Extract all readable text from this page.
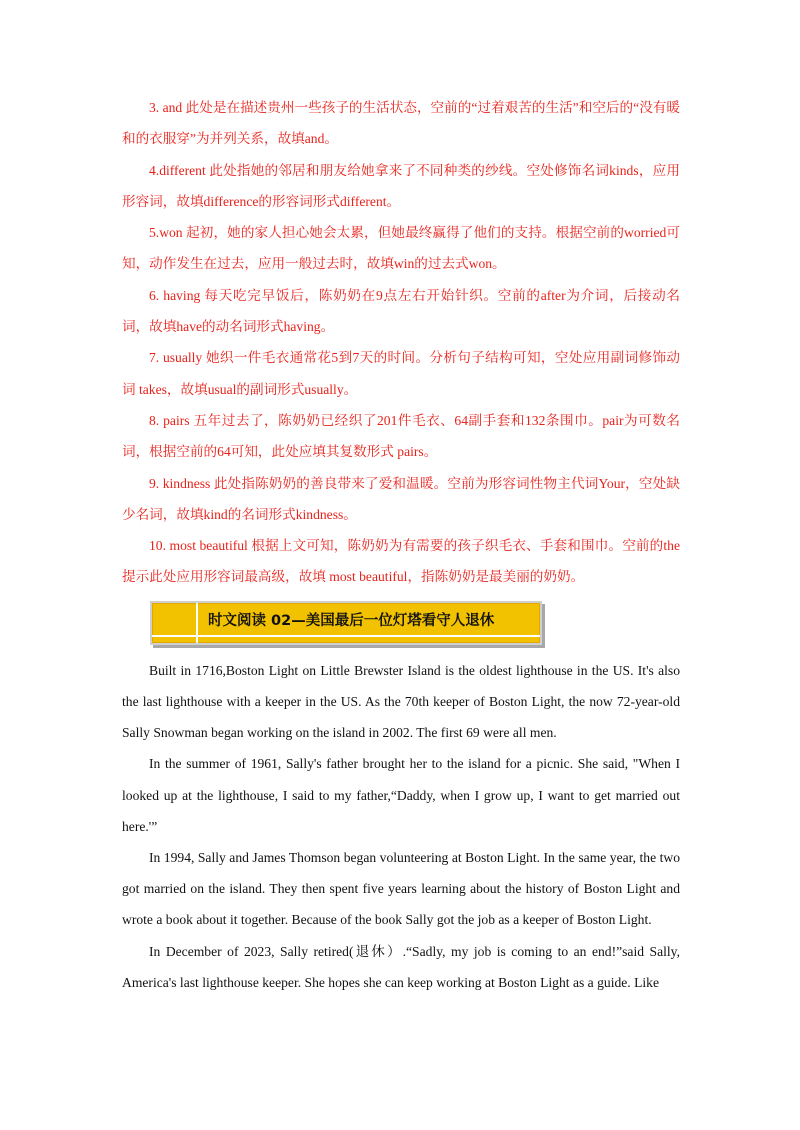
3. and 此处是在描述贵州一些孩子的生活状态，空前的“过着艰苦的生活”和空后的“没有暖和的衣服穿”为并列关系，故填and。

4.different 此处指她的邻居和朋友给她拿来了不同种类的纱线。空处修饰名词kinds，应用形容词，故填difference的形容词形式different。

5.won 起初，她的家人担心她会太累，但她最终赢得了他们的支持。根据空前的worried可知，动作发生在过去，应用一般过去时，故填win的过去式won。

6. having 每天吃完早饭后，陈奶奶在9点左右开始针织。空前的after为介词，后接动名词，故填have的动名词形式having。

7. usually 她织一件毛衣通常花5到7天的时间。分析句子结构可知，空处应用副词修饰动词 takes，故填usual的副词形式usually。

8. pairs 五年过去了，陈奶奶已经织了201件毛衣、64副手套和132条围巾。pair为可数名词，根据空前的64可知，此处应填其复数形式 pairs。

9. kindness 此处指陈奶奶的善良带来了爱和温暖。空前为形容词性物主代词Your，空处缺少名词，故填kind的名词形式kindness。

10. most beautiful 根据上文可知，陈奶奶为有需要的孩子织毛衣、手套和围巾。空前的the提示此处应用形容词最高级，故填 most beautiful，指陈奶奶是最美丽的奶奶。

时文阅读 02—美国最后一位灯塔看守人退休

Built in 1716,Boston Light on Little Brewster Island is the oldest lighthouse in the US. It's also the last lighthouse with a keeper in the US. As the 70th keeper of Boston Light, the now 72-year-old Sally Snowman began working on the island in 2002. The first 69 were all men.

In the summer of 1961, Sally's father brought her to the island for a picnic. She said, "When I looked up at the lighthouse, I said to my father,“Daddy, when I grow up, I want to get married out here.'”

In 1994, Sally and James Thomson began volunteering at Boston Light. In the same year, the two got married on the island. They then spent five years learning about the history of Boston Light and wrote a book about it together. Because of the book Sally got the job as a keeper of Boston Light.

In December of 2023, Sally retired(退休）.“Sadly, my job is coming to an end!”said Sally, America's last lighthouse keeper. She hopes she can keep working at Boston Light as a guide. Like
